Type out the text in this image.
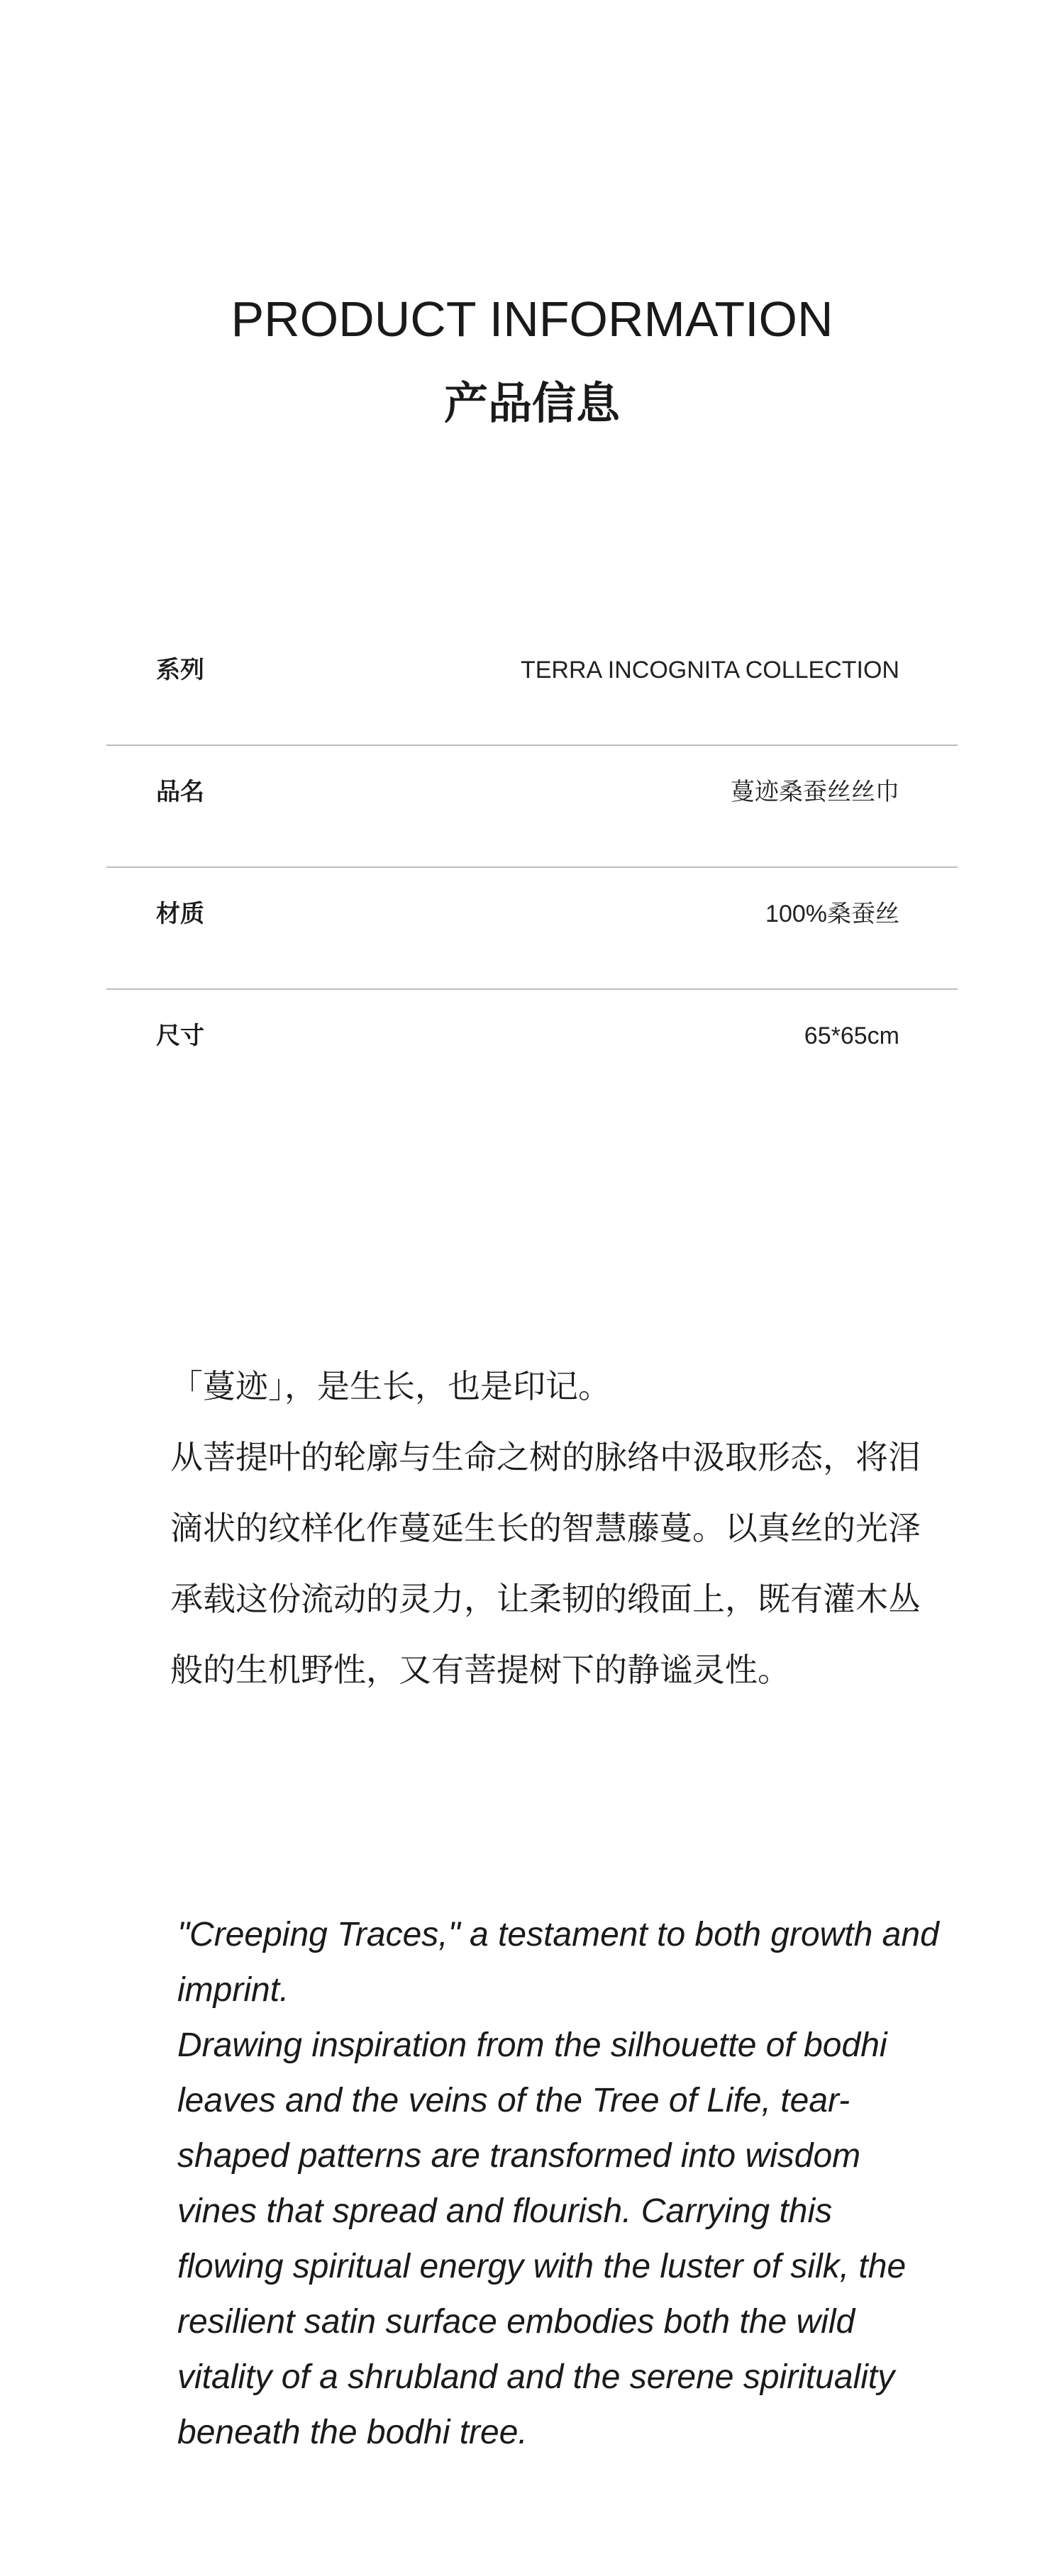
PRODUCT INFORMATION
产品信息
系列	TERRA INCOGNITA COLLECTION
品名	蔓迹桑蚕丝丝巾
材质	100%桑蚕丝
尺寸	65*65cm

「蔓迹」，是生长，也是印记。

从菩提叶的轮廓与生命之树的脉络中汲取形态，将泪滴状的纹样化作蔓延生长的智慧藤蔓。以真丝的光泽承载这份流动的灵力，让柔韧的缎面上，既有灌木丛般的生机野性，又有菩提树下的静谧灵性。

"Creeping Traces," a testament to both growth and imprint.

Drawing inspiration from the silhouette of bodhi leaves and the veins of the Tree of Life, tear-shaped patterns are transformed into wisdom vines that spread and flourish. Carrying this flowing spiritual energy with the luster of silk, the resilient satin surface embodies both the wild vitality of a shrubland and the serene spirituality beneath the bodhi tree.
